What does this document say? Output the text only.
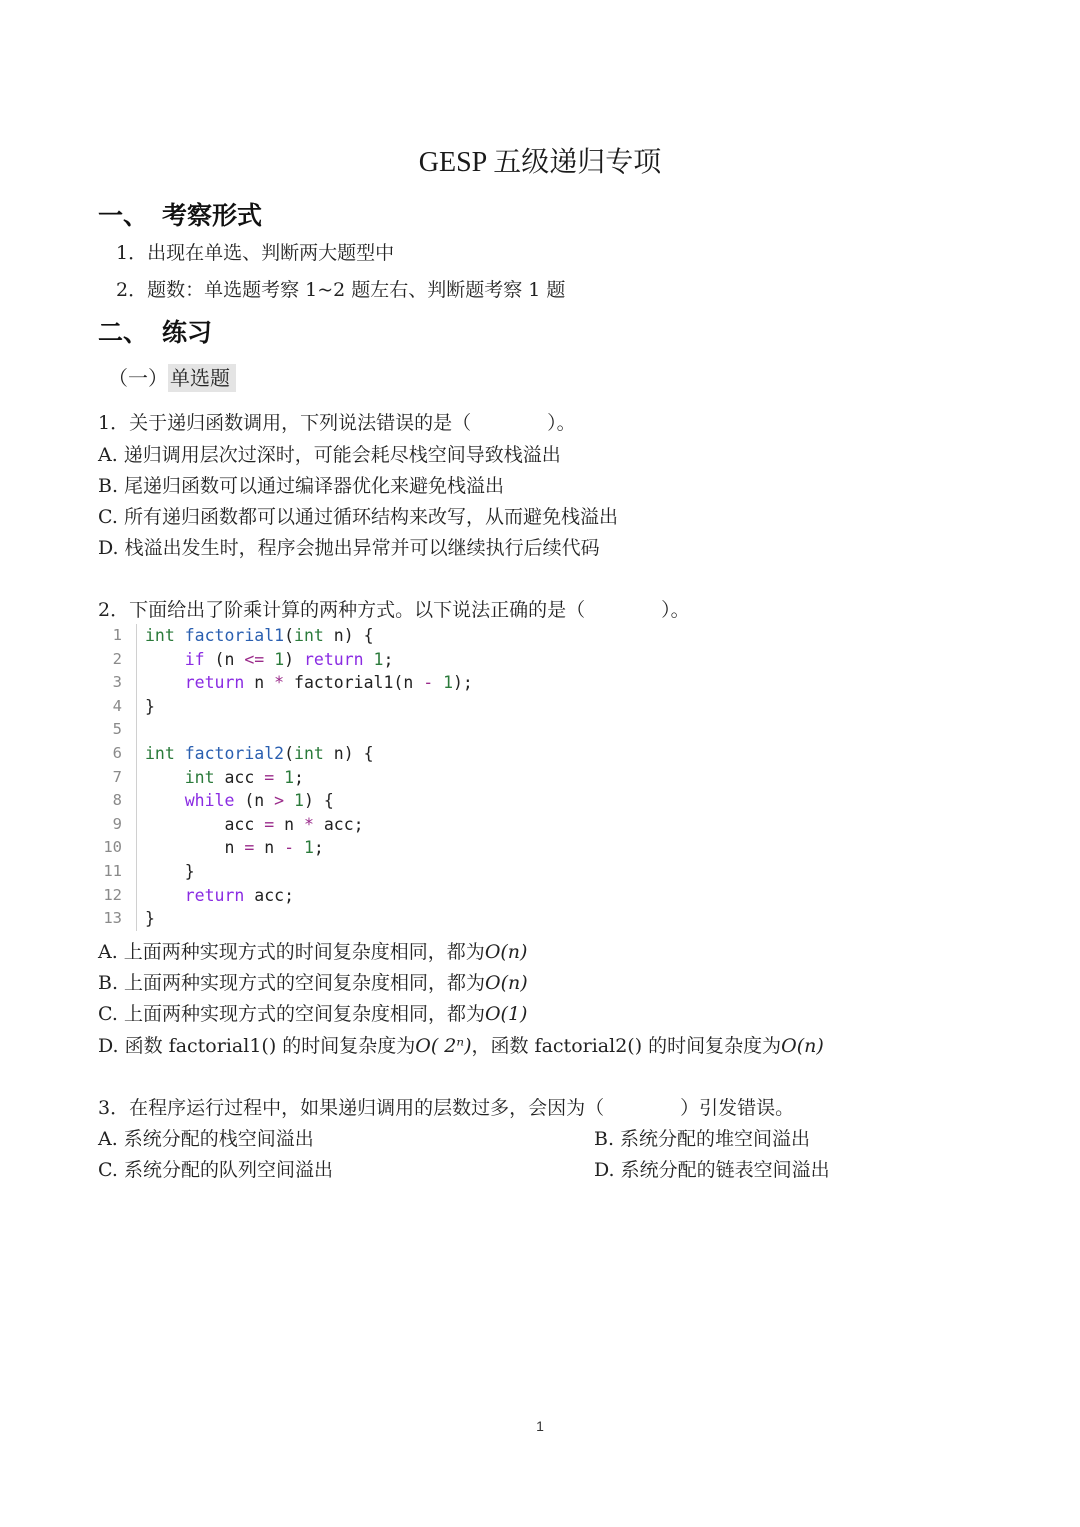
GESP 五级递归专项
一、 考察形式
1．出现在单选、判断两大题型中
2．题数：单选题考察 1~2 题左右、判断题考察 1 题
二、 练习
（一） 单选题
1．关于递归函数调用，下列说法错误的是（　　　　）。
A. 递归调用层次过深时，可能会耗尽栈空间导致栈溢出
B. 尾递归函数可以通过编译器优化来避免栈溢出
C. 所有递归函数都可以通过循环结构来改写，从而避免栈溢出
D. 栈溢出发生时，程序会抛出异常并可以继续执行后续代码
2．下面给出了阶乘计算的两种方式。以下说法正确的是（　　　　）。
1	int factorial1(int n) {
2	if (n <= 1) return 1;
3	return n * factorial1(n - 1);
4	}
5

6	int factorial2(int n) {
7	int acc = 1;
8	while (n > 1) {
9	acc = n * acc;
10	n = n - 1;
11	}
12	return acc;
13	}
A. 上面两种实现方式的时间复杂度相同，都为O(n)
B. 上面两种实现方式的空间复杂度相同，都为O(n)
C. 上面两种实现方式的空间复杂度相同，都为O(1)
D. 函数 factorial1() 的时间复杂度为O( 2ⁿ)，函数 factorial2() 的时间复杂度为O(n)
3．在程序运行过程中，如果递归调用的层数过多，会因为（　　　　）引发错误。
A. 系统分配的栈空间溢出	B. 系统分配的堆空间溢出
C. 系统分配的队列空间溢出	D. 系统分配的链表空间溢出
1
